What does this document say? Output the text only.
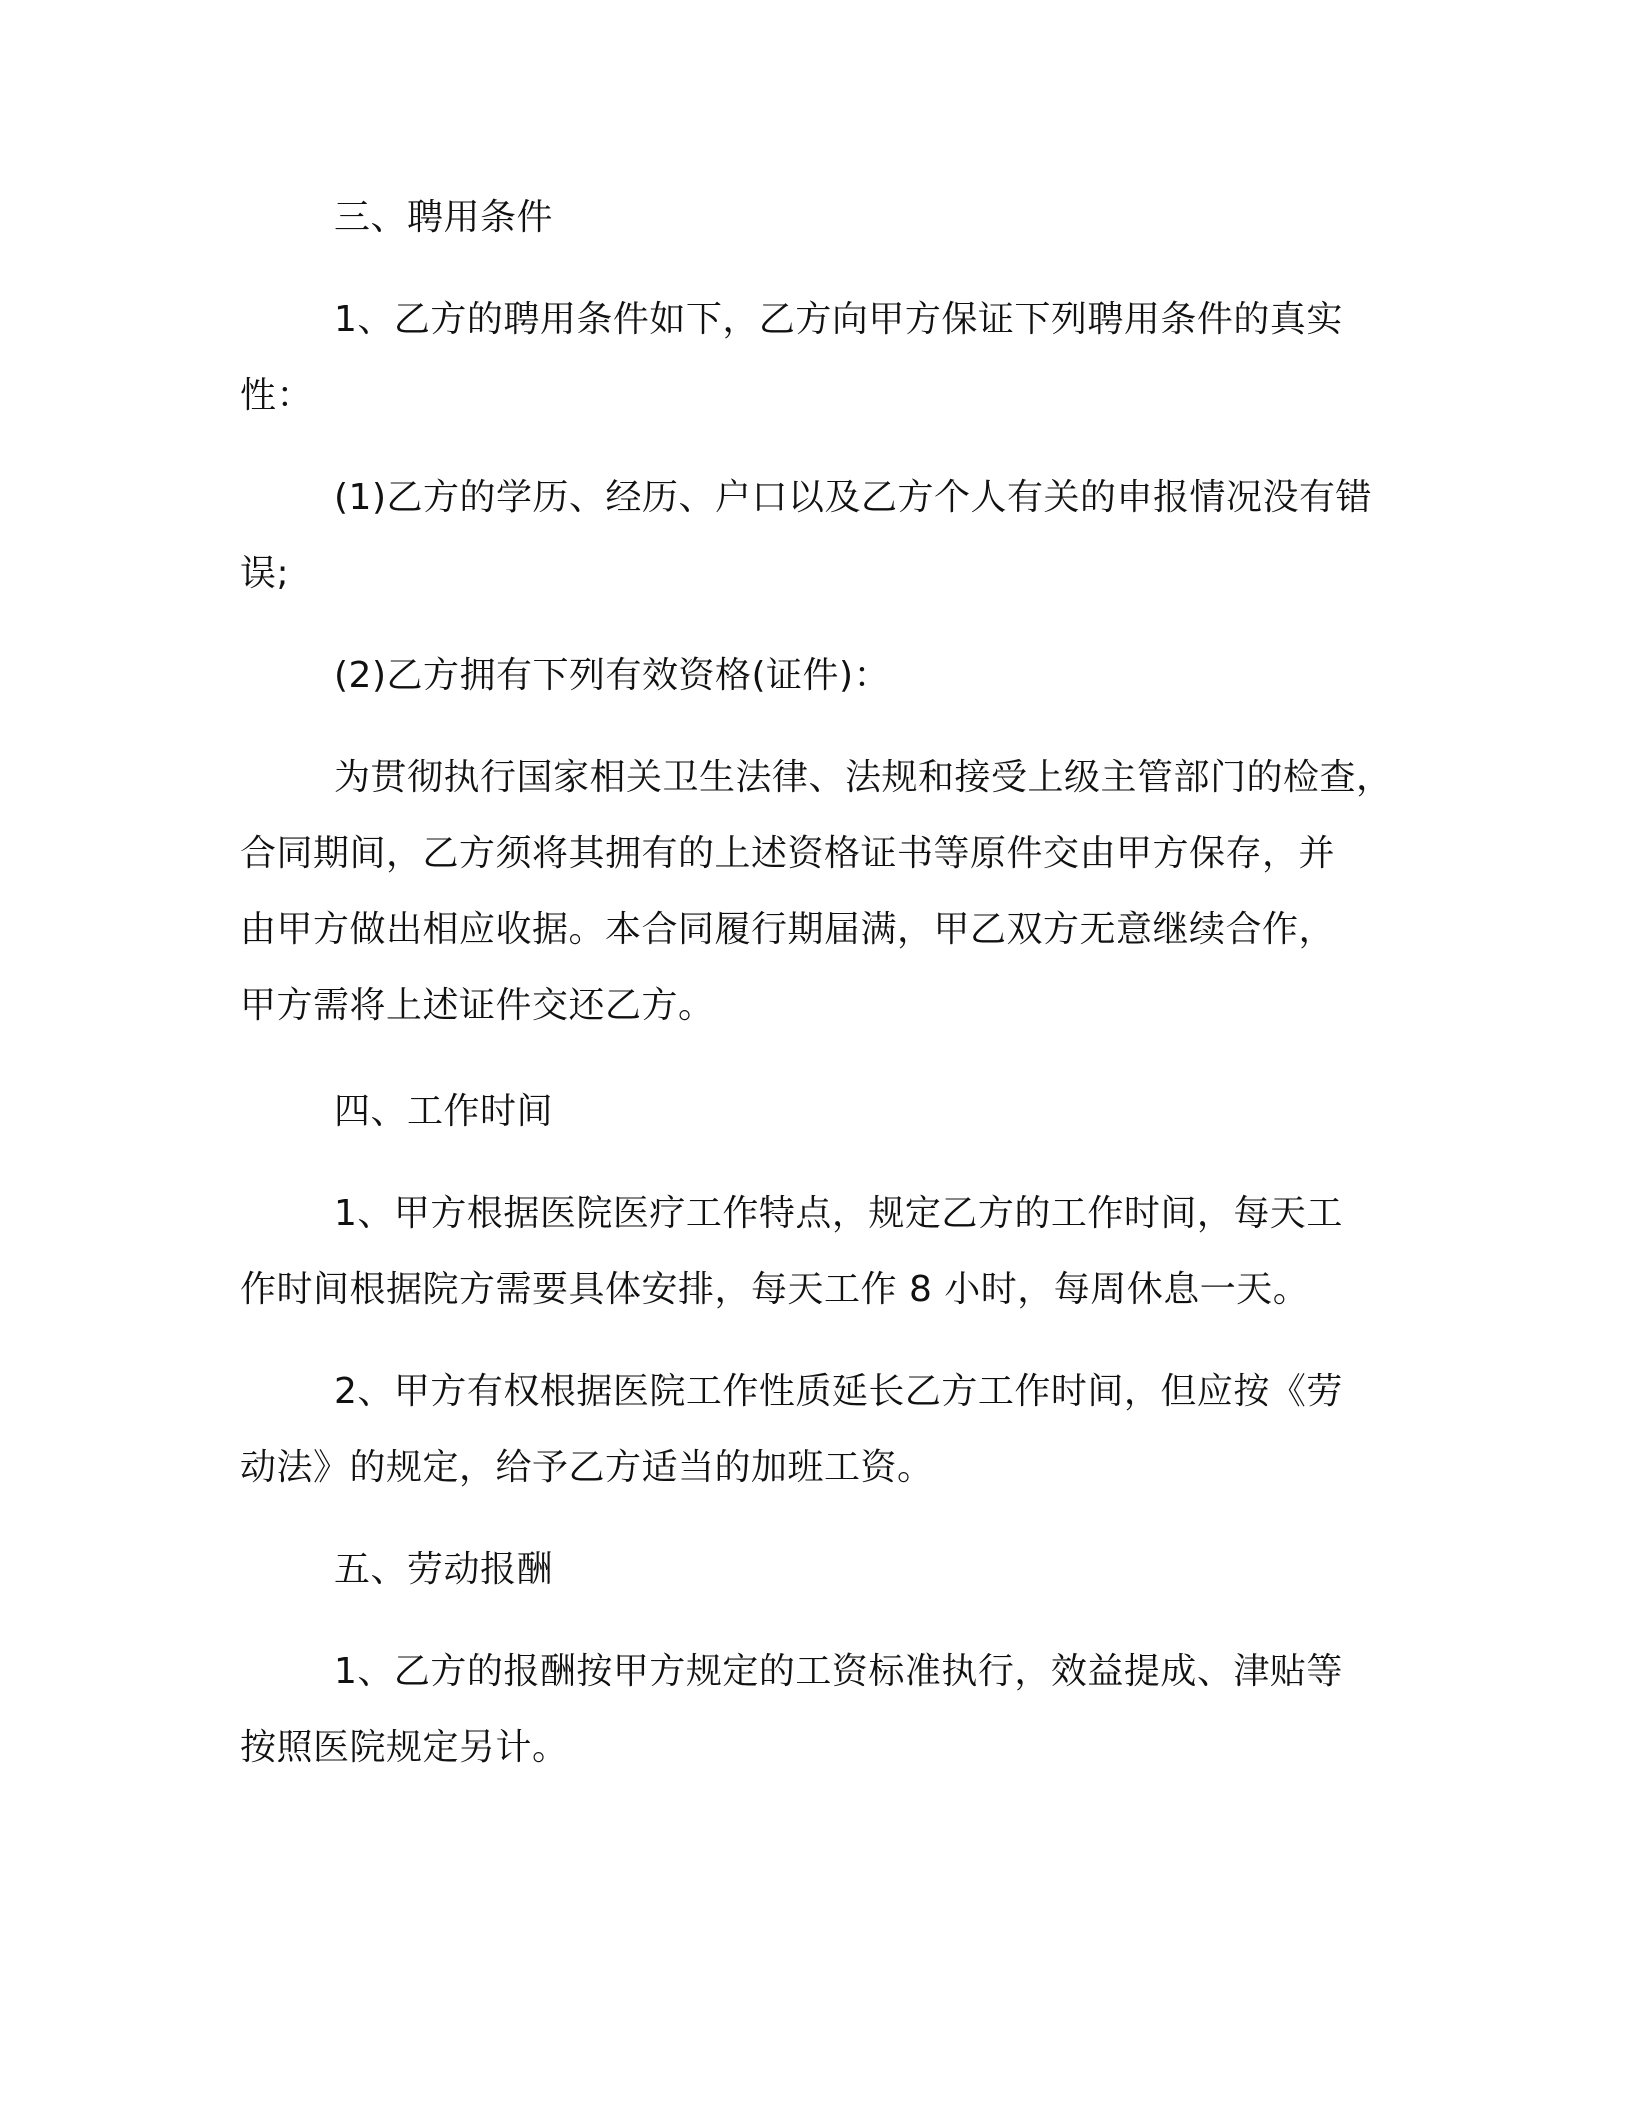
三、聘用条件
1、乙方的聘用条件如下，乙方向甲方保证下列聘用条件的真实
性：
(1)乙方的学历、经历、户口以及乙方个人有关的申报情况没有错
误;
(2)乙方拥有下列有效资格(证件)：
为贯彻执行国家相关卫生法律、法规和接受上级主管部门的检查，
合同期间，乙方须将其拥有的上述资格证书等原件交由甲方保存，并
由甲方做出相应收据。本合同履行期届满，甲乙双方无意继续合作，
甲方需将上述证件交还乙方。
四、工作时间
1、甲方根据医院医疗工作特点，规定乙方的工作时间，每天工
作时间根据院方需要具体安排，每天工作 8 小时，每周休息一天。
2、甲方有权根据医院工作性质延长乙方工作时间，但应按《劳
动法》的规定，给予乙方适当的加班工资。
五、劳动报酬
1、乙方的报酬按甲方规定的工资标准执行，效益提成、津贴等
按照医院规定另计。
